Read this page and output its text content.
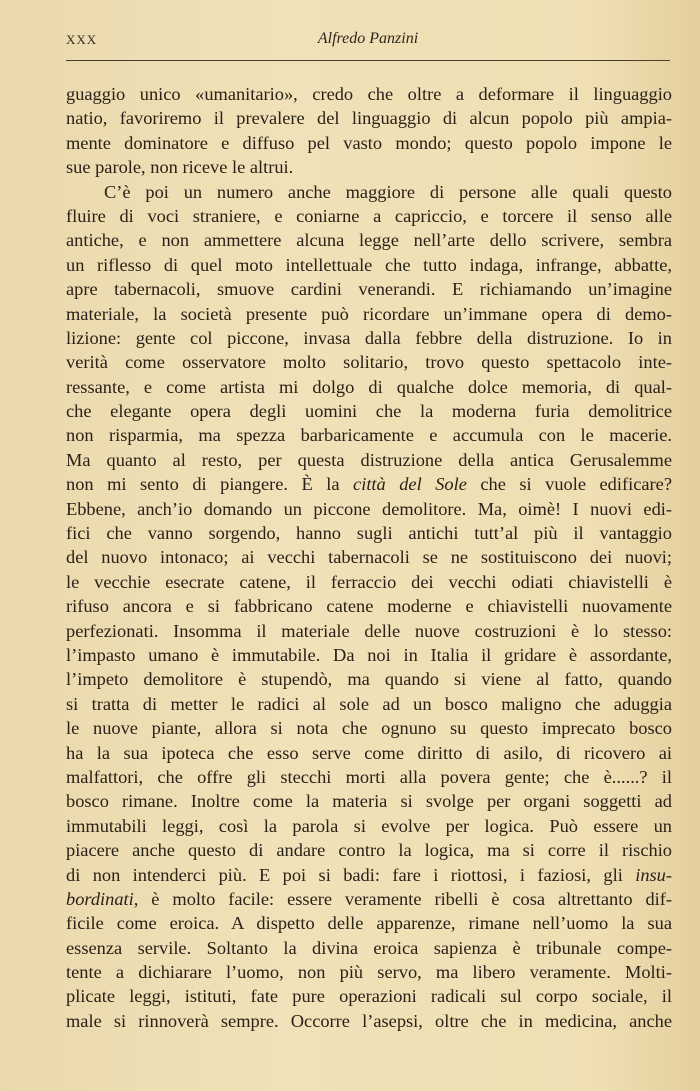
XXX	Alfredo Panzini
guaggio unico «umanitario», credo che oltre a deformare il linguaggio
natio, favoriremo il prevalere del linguaggio di alcun popolo più ampia-
mente dominatore e diffuso pel vasto mondo; questo popolo impone le
sue parole, non riceve le altrui.
C’è poi un numero anche maggiore di persone alle quali questo
fluire di voci straniere, e coniarne a capriccio, e torcere il senso alle
antiche, e non ammettere alcuna legge nell’arte dello scrivere, sembra
un riflesso di quel moto intellettuale che tutto indaga, infrange, abbatte,
apre tabernacoli, smuove cardini venerandi. E richiamando un’imagine
materiale, la società presente può ricordare un’immane opera di demo-
lizione: gente col piccone, invasa dalla febbre della distruzione. Io in
verità come osservatore molto solitario, trovo questo spettacolo inte-
ressante, e come artista mi dolgo di qualche dolce memoria, di qual-
che elegante opera degli uomini che la moderna furia demolitrice
non risparmia, ma spezza barbaricamente e accumula con le macerie.
Ma quanto al resto, per questa distruzione della antica Gerusalemme
non mi sento di piangere. È la città del Sole che si vuole edificare?
Ebbene, anch’io domando un piccone demolitore. Ma, oimè! I nuovi edi-
fici che vanno sorgendo, hanno sugli antichi tutt’al più il vantaggio
del nuovo intonaco; ai vecchi tabernacoli se ne sostituiscono dei nuovi;
le vecchie esecrate catene, il ferraccio dei vecchi odiati chiavistelli è
rifuso ancora e si fabbricano catene moderne e chiavistelli nuovamente
perfezionati. Insomma il materiale delle nuove costruzioni è lo stesso:
l’impasto umano è immutabile. Da noi in Italia il gridare è assordante,
l’impeto demolitore è stupendò, ma quando si viene al fatto, quando
si tratta di metter le radici al sole ad un bosco maligno che aduggia
le nuove piante, allora si nota che ognuno su questo imprecato bosco
ha la sua ipoteca che esso serve come diritto di asilo, di ricovero ai
malfattori, che offre gli stecchi morti alla povera gente; che è......? il
bosco rimane. Inoltre come la materia si svolge per organi soggetti ad
immutabili leggi, così la parola si evolve per logica. Può essere un
piacere anche questo di andare contro la logica, ma si corre il rischio
di non intenderci più. E poi si badi: fare i riottosi, i faziosi, gli insu-
bordinati, è molto facile: essere veramente ribelli è cosa altrettanto dif-
ficile come eroica. A dispetto delle apparenze, rimane nell’uomo la sua
essenza servile. Soltanto la divina eroica sapienza è tribunale compe-
tente a dichiarare l’uomo, non più servo, ma libero veramente. Molti-
plicate leggi, istituti, fate pure operazioni radicali sul corpo sociale, il
male si rinnoverà sempre. Occorre l’asepsi, oltre che in medicina, anche
